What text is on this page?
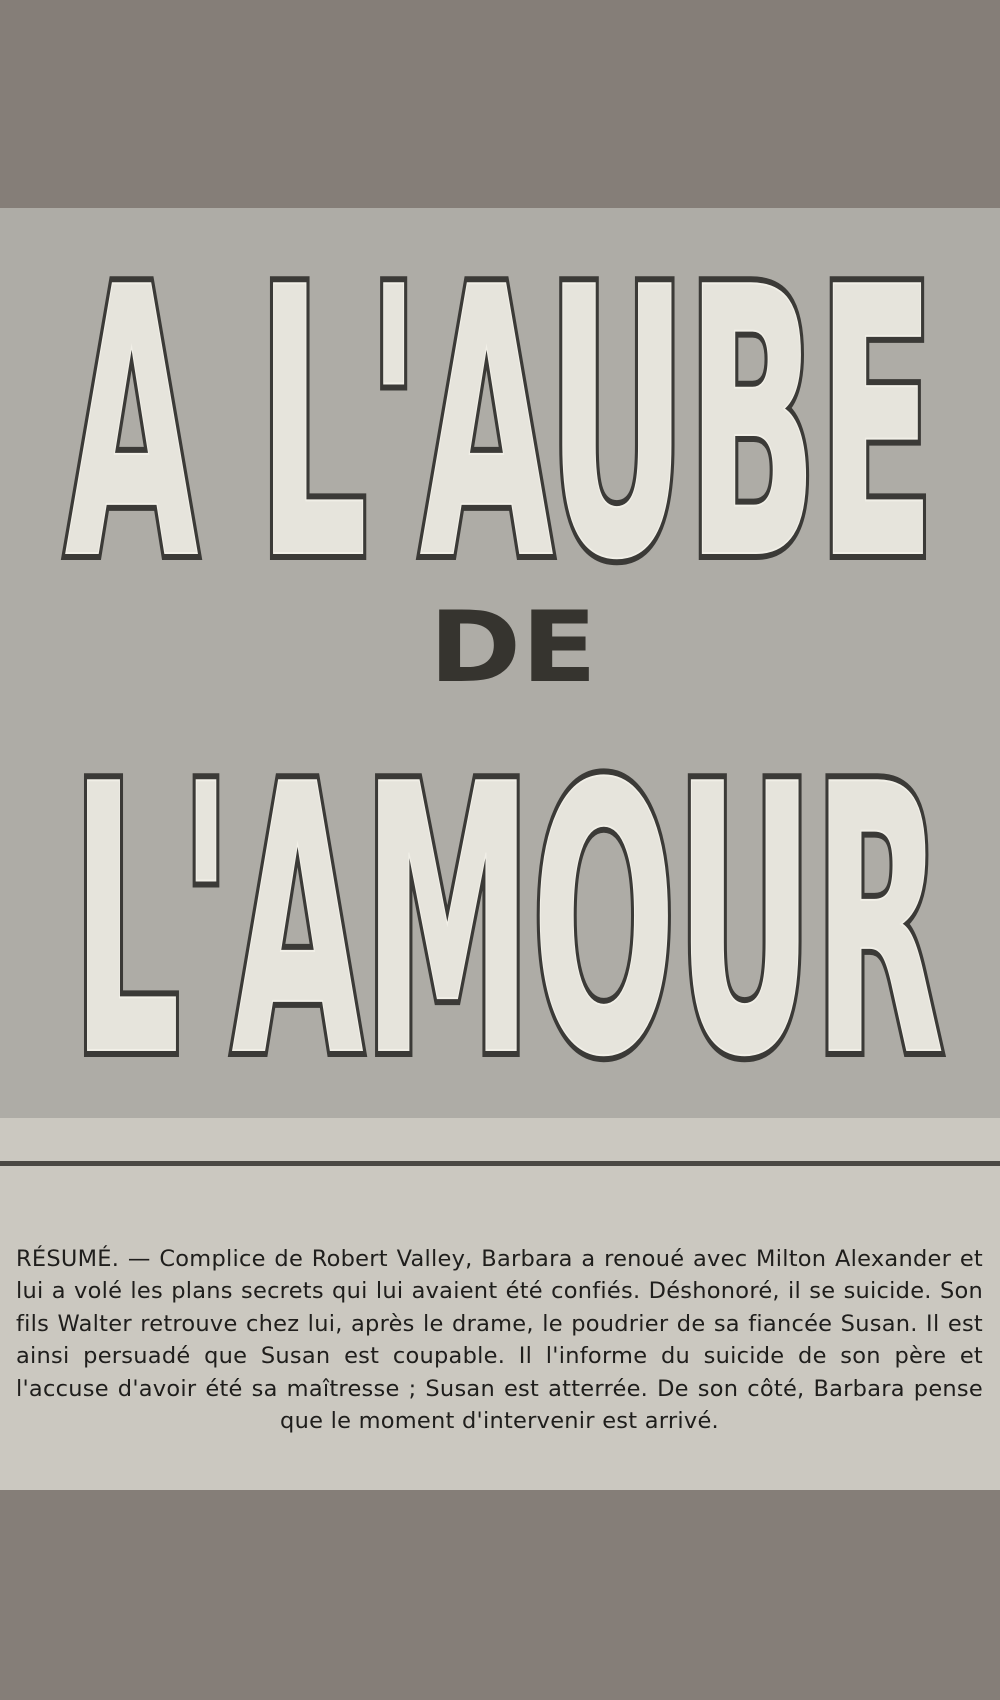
A L'AUBE
A L'AUBE
DE
L'AMOUR
L'AMOUR

RÉSUMÉ. — Complice de Robert Valley, Barbara a renoué avec Milton Alexander et lui a volé les plans secrets qui lui avaient été confiés. Déshonoré, il se suicide. Son fils Walter retrouve chez lui, après le drame, le poudrier de sa fiancée Susan. Il est ainsi persuadé que Susan est coupable. Il l'informe du suicide de son père et l'accuse d'avoir été sa maîtresse ; Susan est atterrée. De son côté, Barbara pense que le moment d'intervenir est arrivé.
